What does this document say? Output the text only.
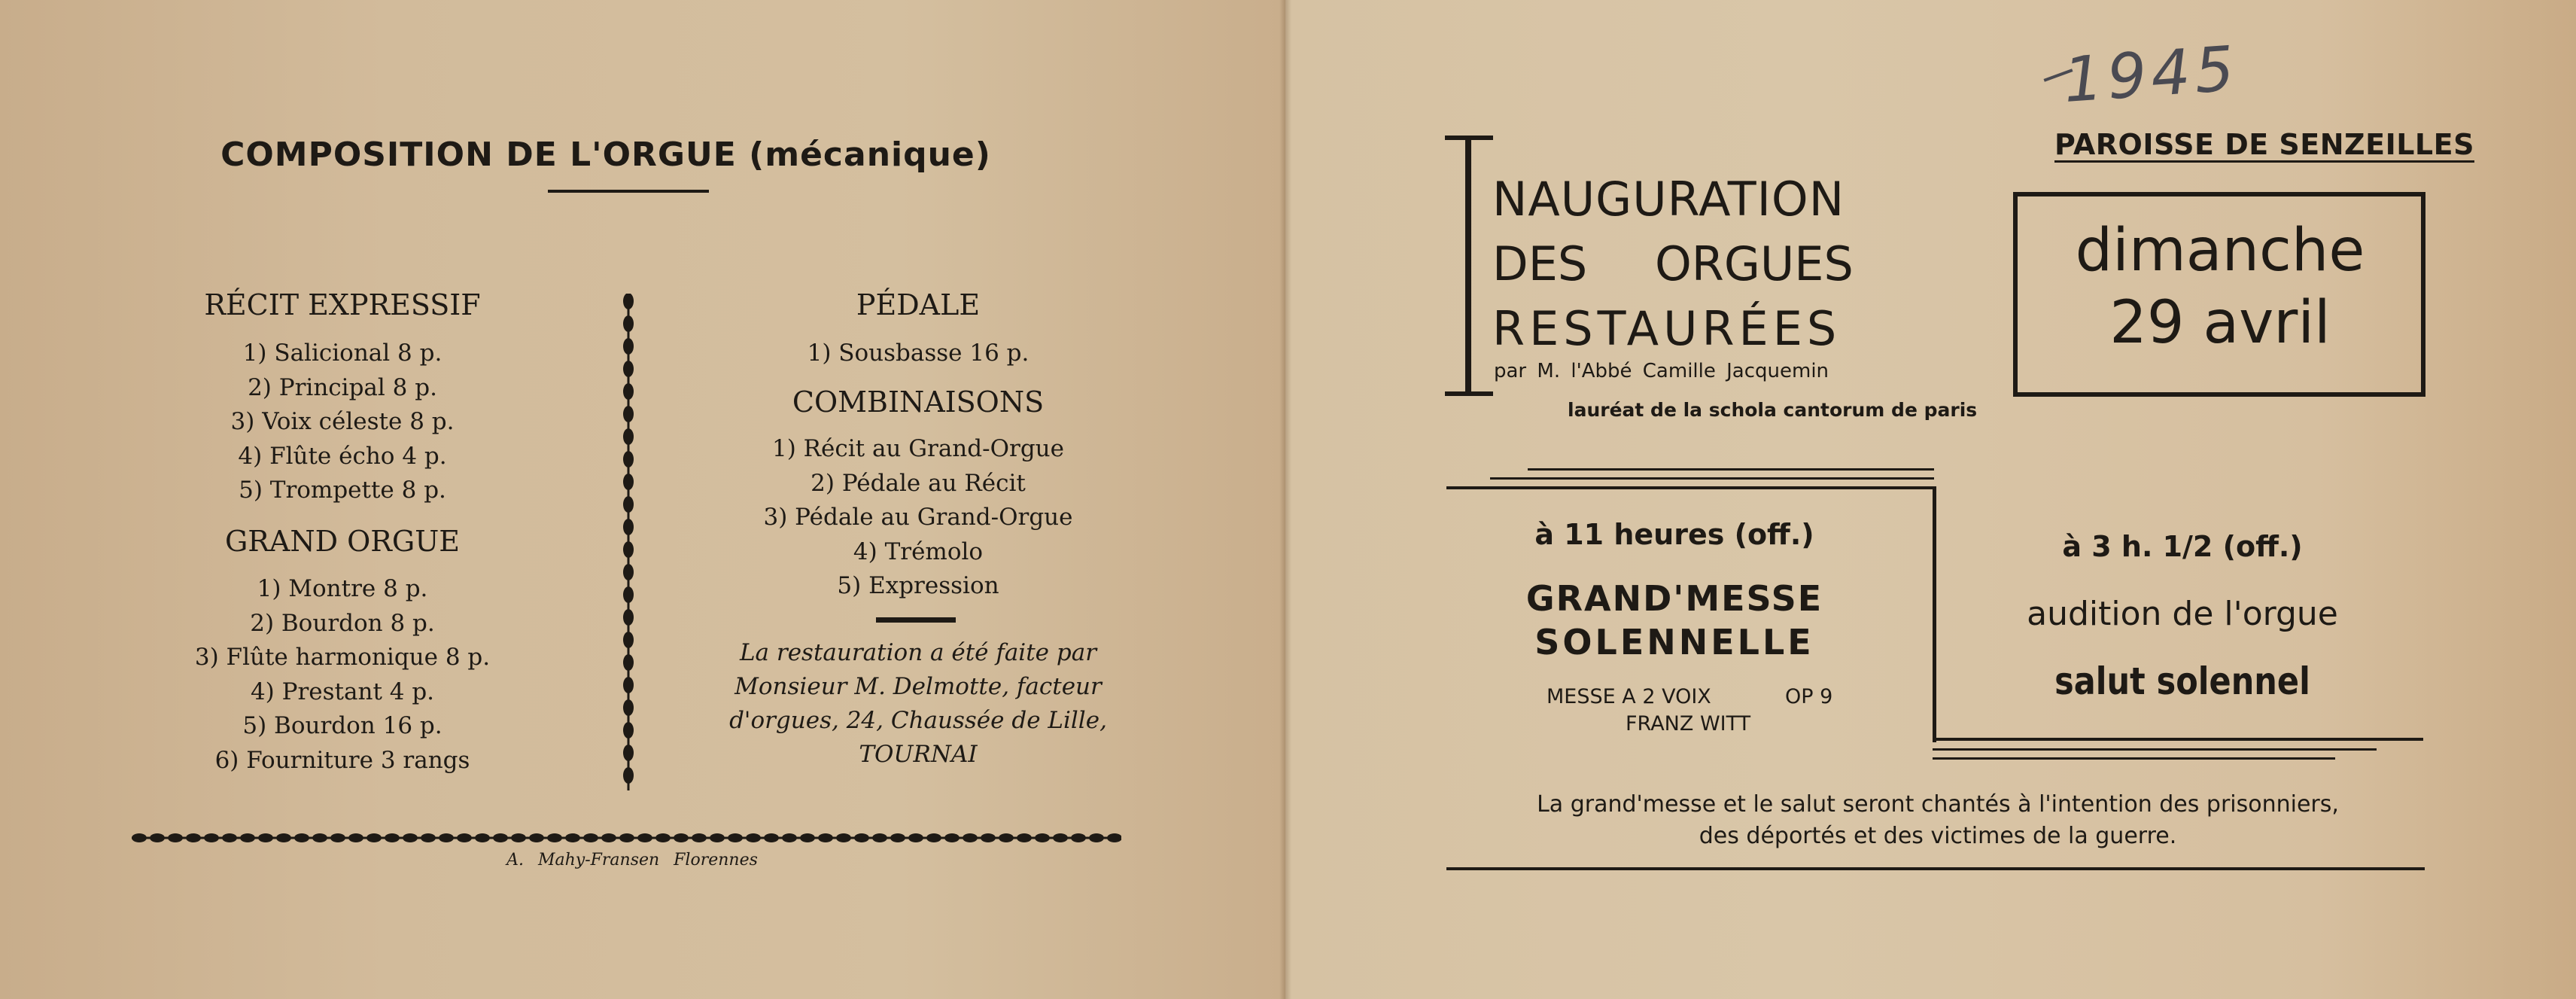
COMPOSITION DE L'ORGUE (mécanique)
RÉCIT EXPRESSIF
1) Salicional 8 p.
2) Principal 8 p.
3) Voix céleste 8 p.
4) Flûte écho 4 p.
5) Trompette 8 p.
GRAND ORGUE
1) Montre 8 p.
2) Bourdon 8 p.
3) Flûte harmonique 8 p.
4) Prestant 4 p.
5) Bourdon 16 p.
6) Fourniture 3 rangs
PÉDALE
1) Sousbasse 16 p.
COMBINAISONS
1) Récit au Grand-Orgue
2) Pédale au Récit
3) Pédale au Grand-Orgue
4) Trémolo
5) Expression
La restauration a été faite par
Monsieur M. Delmotte, facteur
d'orgues, 24, Chaussée de Lille,
TOURNAI
A. Mahy-Fransen Florennes
1945
PAROISSE DE SENZEILLES
NAUGURATION
DES ORGUES
RESTAURÉES
par M. l'Abbé Camille Jacquemin
lauréat de la schola cantorum de paris
dimanche
29 avril
à 11 heures (off.)
GRAND'MESSE
SOLENNELLE
MESSE A 2 VOIX	OP 9
FRANZ WITT
à 3 h. 1/2 (off.)
audition de l'orgue
salut solennel
La grand'messe et le salut seront chantés à l'intention des prisonniers,
des déportés et des victimes de la guerre.
